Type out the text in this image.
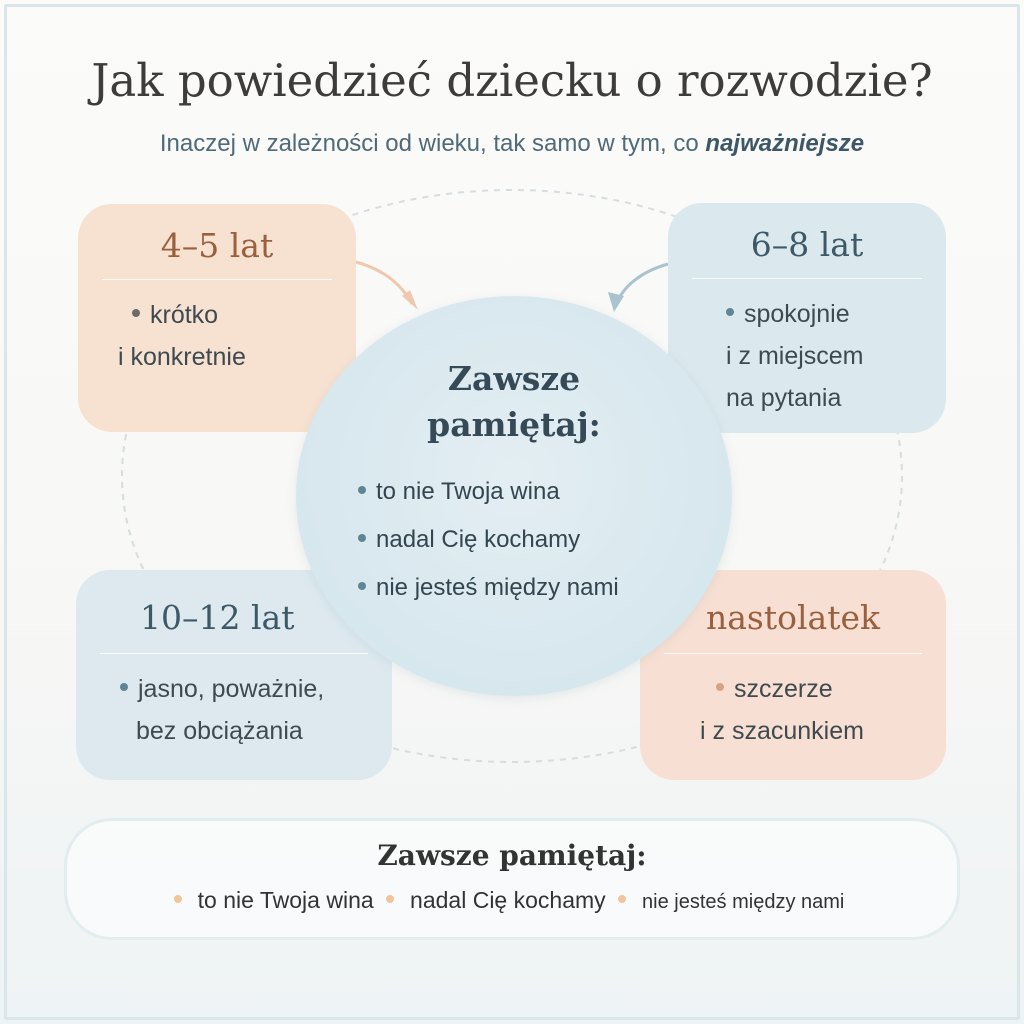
Jak powiedzieć dziecku o rozwodzie?
Inaczej w zależności od wieku, tak samo w tym, co najważniejsze
4–5 lat
krótko
i konkretnie
6–8 lat
spokojnie
i z miejscem
na pytania
10–12 lat
jasno, poważnie,
bez obciążania
nastolatek
szczerze
i z szacunkiem
Zawsze
pamiętaj:
to nie Twoja wina
nadal Cię kochamy
nie jesteś między nami
Zawsze pamiętaj:
to nie Twoja wina nadal Cię kochamy nie jesteś między nami
